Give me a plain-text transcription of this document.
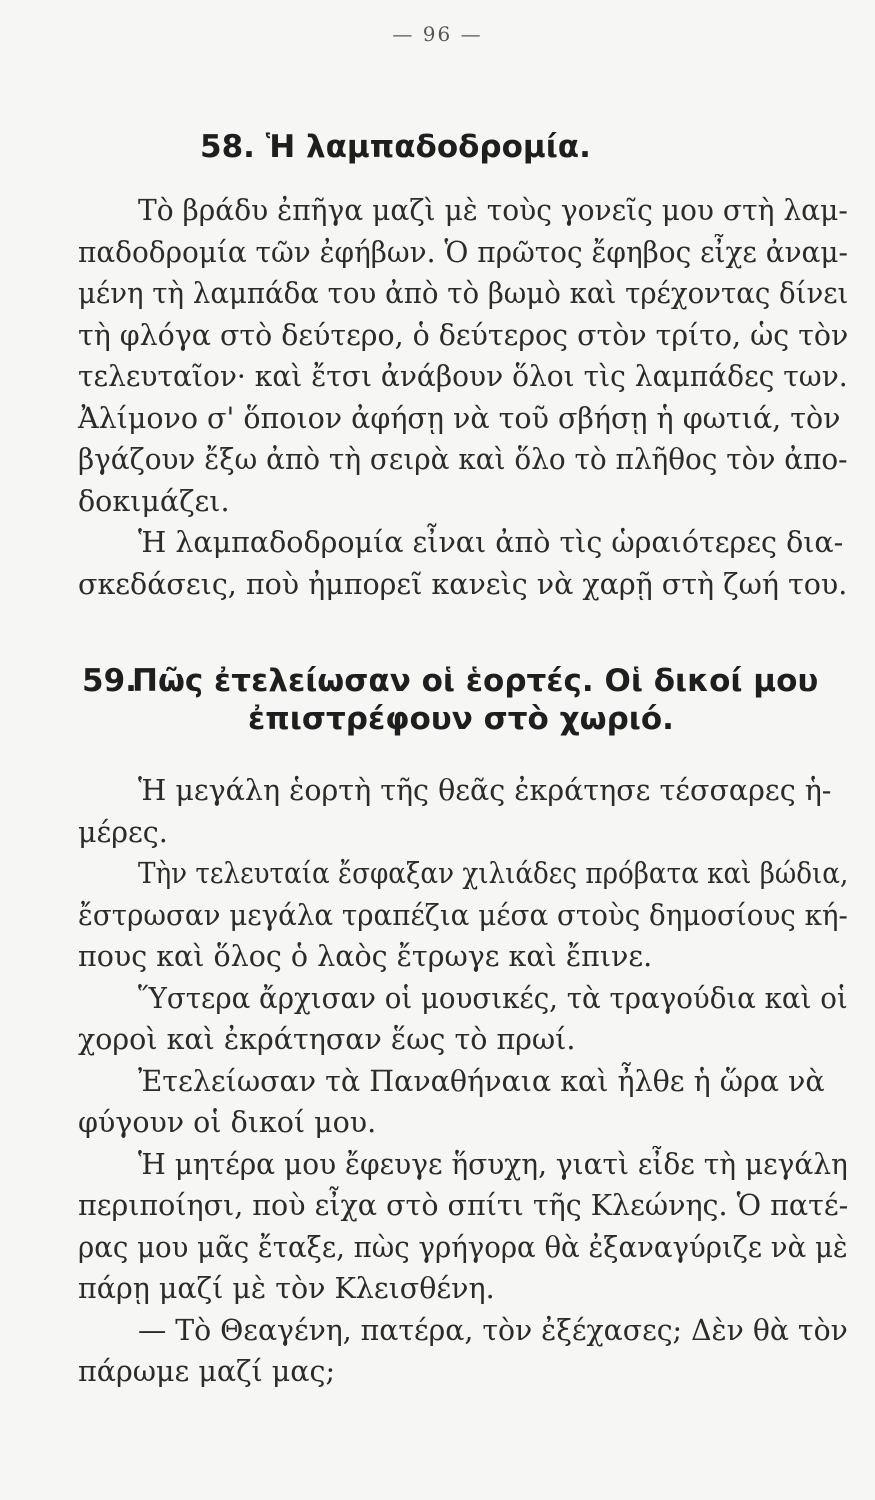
— 96 —
58. Ἡ λαμπαδοδρομία.
Τὸ βράδυ ἐπῆγα μαζὶ μὲ τοὺς γονεῖς μου στὴ λαμ-
παδοδρομία τῶν ἐφήβων. Ὁ πρῶτος ἔφηβος εἶχε ἀναμ-
μένη τὴ λαμπάδα του ἀπὸ τὸ βωμὸ καὶ τρέχοντας δίνει
τὴ φλόγα στὸ δεύτερο, ὁ δεύτερος στὸν τρίτο, ὡς τὸν
τελευταῖον· καὶ ἔτσι ἀνάβουν ὅλοι τὶς λαμπάδες των.
Ἀλίμονο σ' ὅποιον ἀφήσῃ νὰ τοῦ σβήσῃ ἡ φωτιά, τὸν
βγάζουν ἔξω ἀπὸ τὴ σειρὰ καὶ ὅλο τὸ πλῆθος τὸν ἀπο-
δοκιμάζει.
Ἡ λαμπαδοδρομία εἶναι ἀπὸ τὶς ὡραιότερες δια-
σκεδάσεις, ποὺ ἠμπορεῖ κανεὶς νὰ χαρῇ στὴ ζωή του.
59.Πῶς ἐτελείωσαν οἱ ἑορτές. Οἱ δικοί μου
ἐπιστρέφουν στὸ χωριό.
Ἡ μεγάλη ἑορτὴ τῆς θεᾶς ἐκράτησε τέσσαρες ἡ-
μέρες.
Τὴν τελευταία ἔσφαξαν χιλιάδες πρόβατα καὶ βώδια,
ἔστρωσαν μεγάλα τραπέζια μέσα στοὺς δημοσίους κή-
πους καὶ ὅλος ὁ λαὸς ἔτρωγε καὶ ἔπινε.
Ὕστερα ἄρχισαν οἱ μουσικές, τὰ τραγούδια καὶ οἱ
χοροὶ καὶ ἐκράτησαν ἕως τὸ πρωί.
Ἐτελείωσαν τὰ Παναθήναια καὶ ἦλθε ἡ ὥρα νὰ
φύγουν οἱ δικοί μου.
Ἡ μητέρα μου ἔφευγε ἥσυχη, γιατὶ εἶδε τὴ μεγάλη
περιποίησι, ποὺ εἶχα στὸ σπίτι τῆς Κλεώνης. Ὁ πατέ-
ρας μου μᾶς ἔταξε, πὼς γρήγορα θὰ ἐξαναγύριζε νὰ μὲ
πάρῃ μαζί μὲ τὸν Κλεισθένη.
— Τὸ Θεαγένη, πατέρα, τὸν ἐξέχασες; Δὲν θὰ τὸν
πάρωμε μαζί μας;
